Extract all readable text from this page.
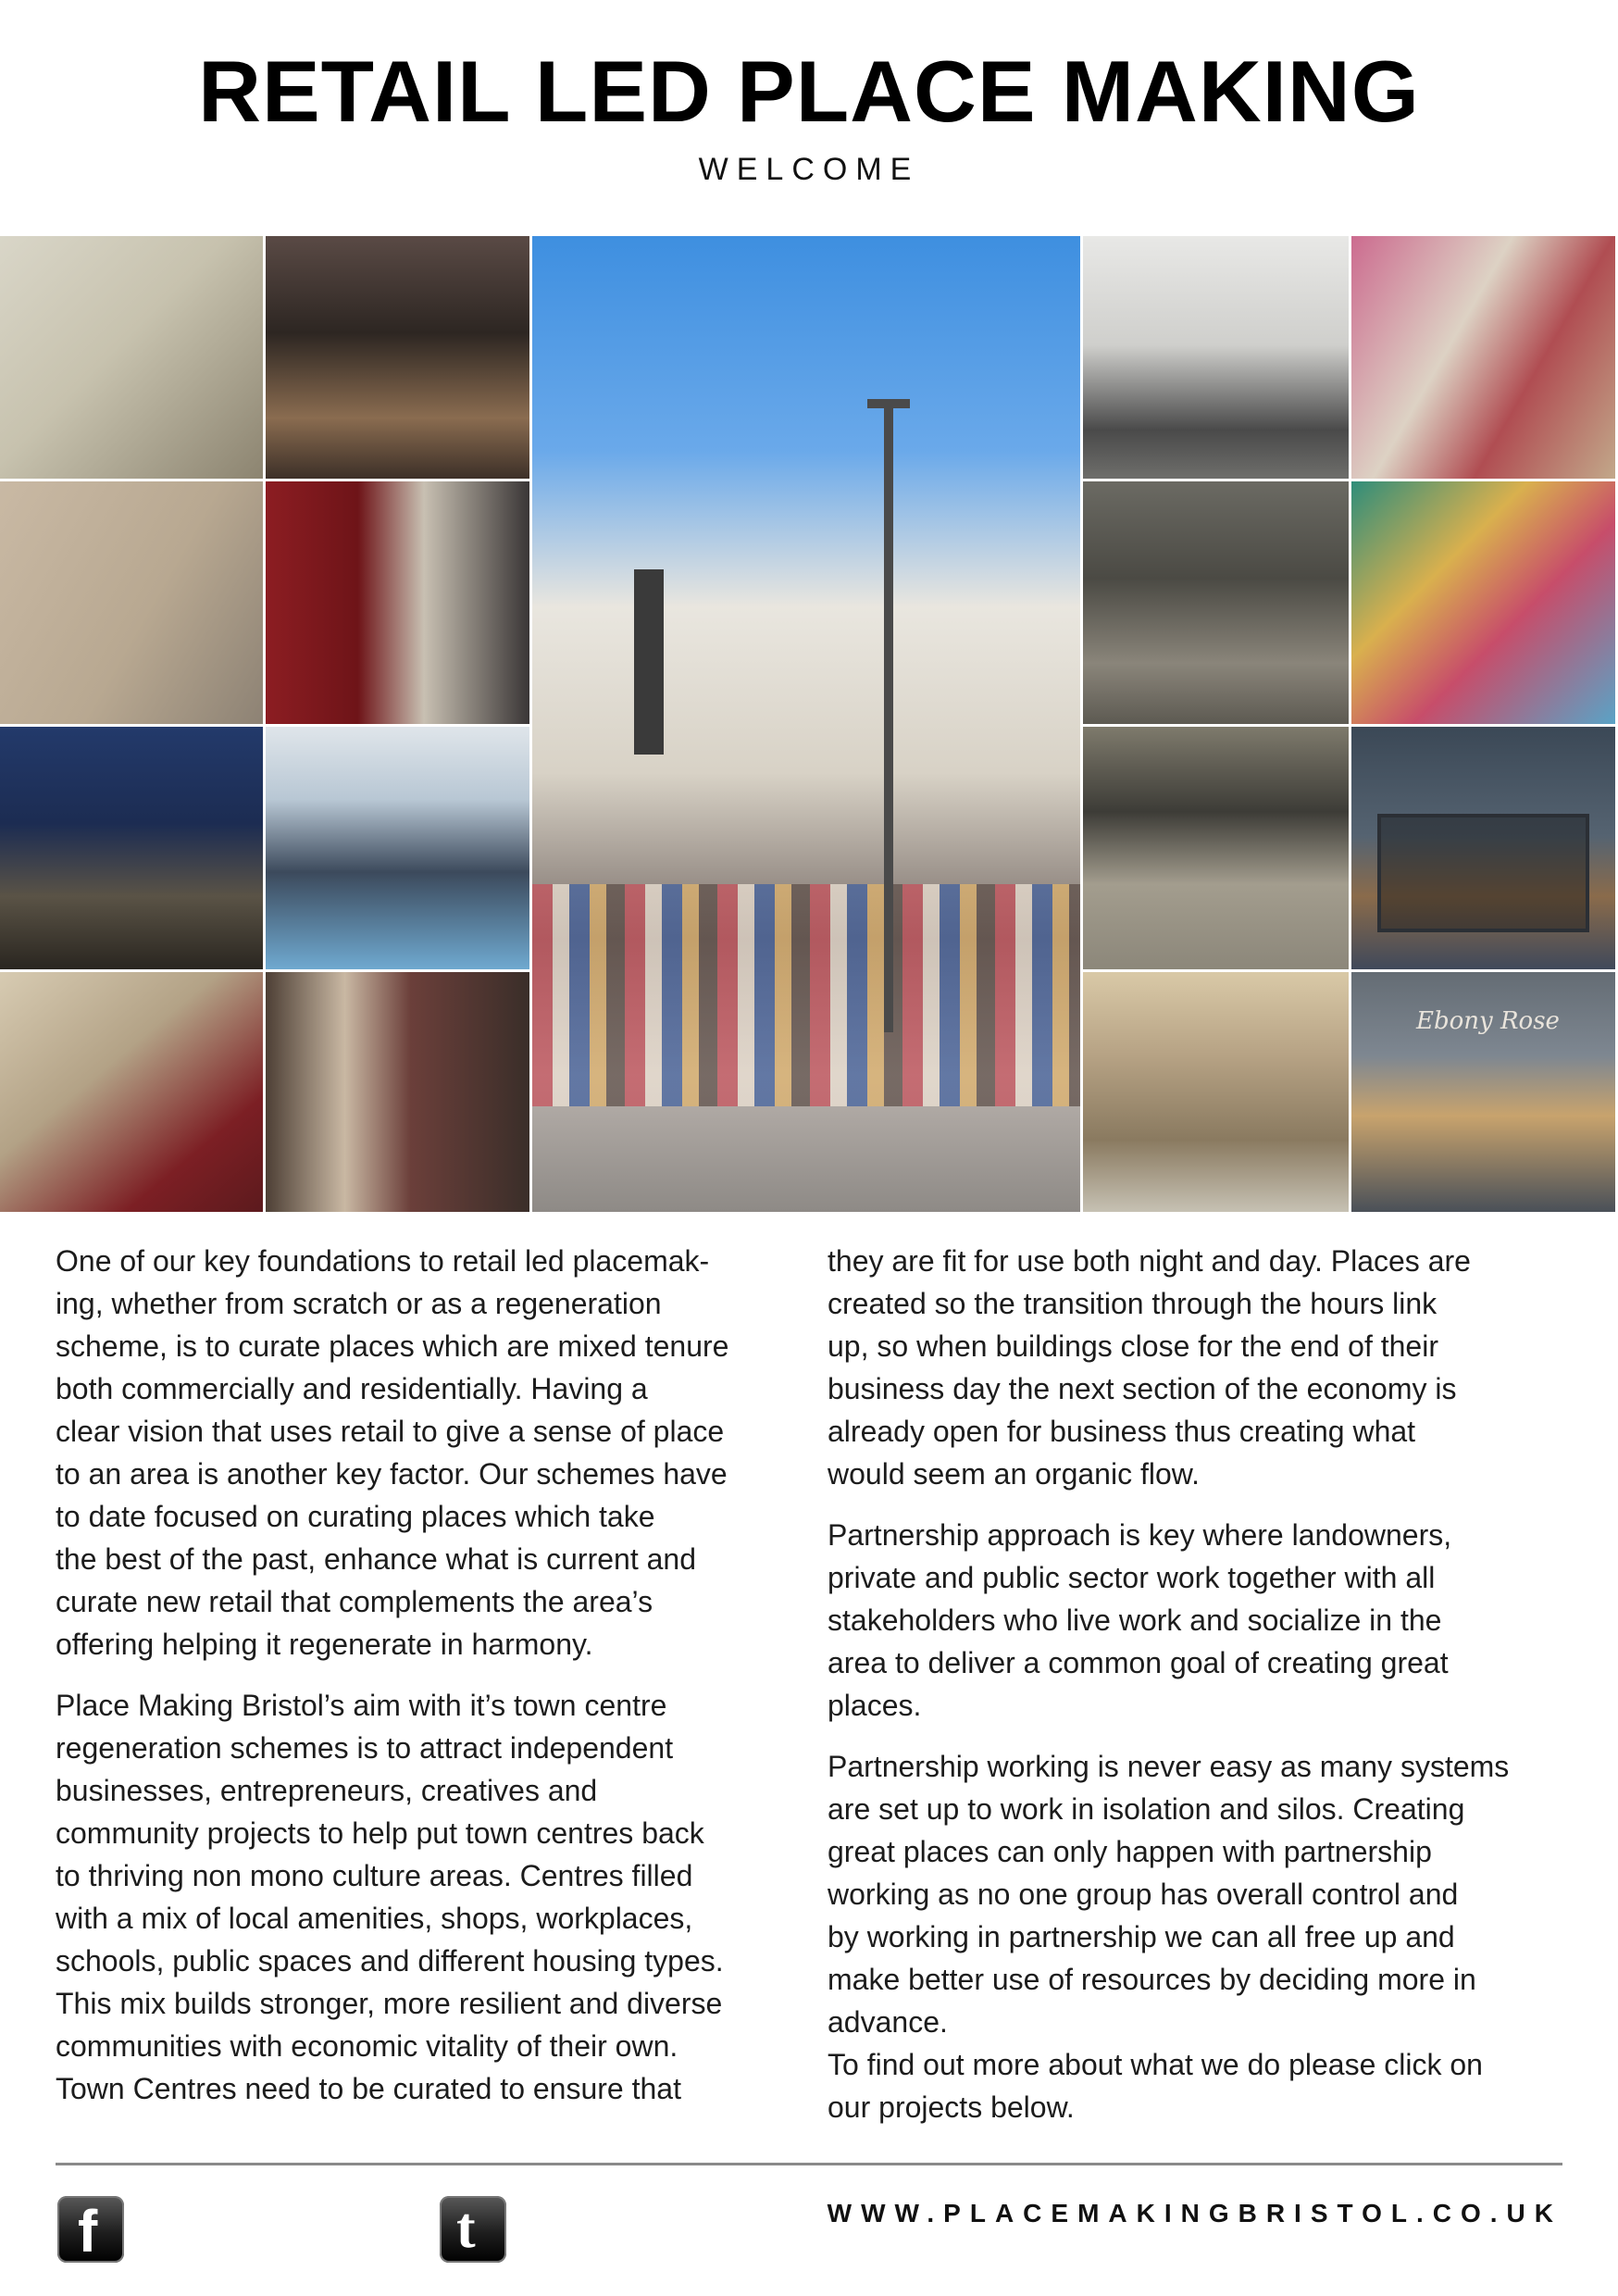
RETAIL LED PLACE MAKING
WELCOME
Ebony Rose

One of our key foundations to retail led placemak-
ing, whether from scratch or as a regeneration
scheme, is to curate places which are mixed tenure
both commercially and residentially. Having a
clear vision that uses retail to give a sense of place
to an area is another key factor. Our schemes have
to date focused on curating places which take
the best of the past, enhance what is current and
curate new retail that complements the area’s
offering helping it regenerate in harmony.

Place Making Bristol’s aim with it’s town centre
regeneration schemes is to attract independent
businesses, entrepreneurs, creatives and
community projects to help put town centres back
to thriving non mono culture areas. Centres filled
with a mix of local amenities, shops, workplaces,
schools, public spaces and different housing types.
This mix builds stronger, more resilient and diverse
communities with economic vitality of their own.
Town Centres need to be curated to ensure that

they are fit for use both night and day. Places are
created so the transition through the hours link
up, so when buildings close for the end of their
business day the next section of the economy is
already open for business thus creating what
would seem an organic flow.

Partnership approach is key where landowners,
private and public sector work together with all
stakeholders who live work and socialize in the
area to deliver a common goal of creating great
places.

Partnership working is never easy as many systems
are set up to work in isolation and silos. Creating
great places can only happen with partnership
working as no one group has overall control and
by working in partnership we can all free up and
make better use of resources by deciding more in
advance.
To find out more about what we do please click on
our projects below.

f	t	WWW.PLACEMAKINGBRISTOL.CO.UK
